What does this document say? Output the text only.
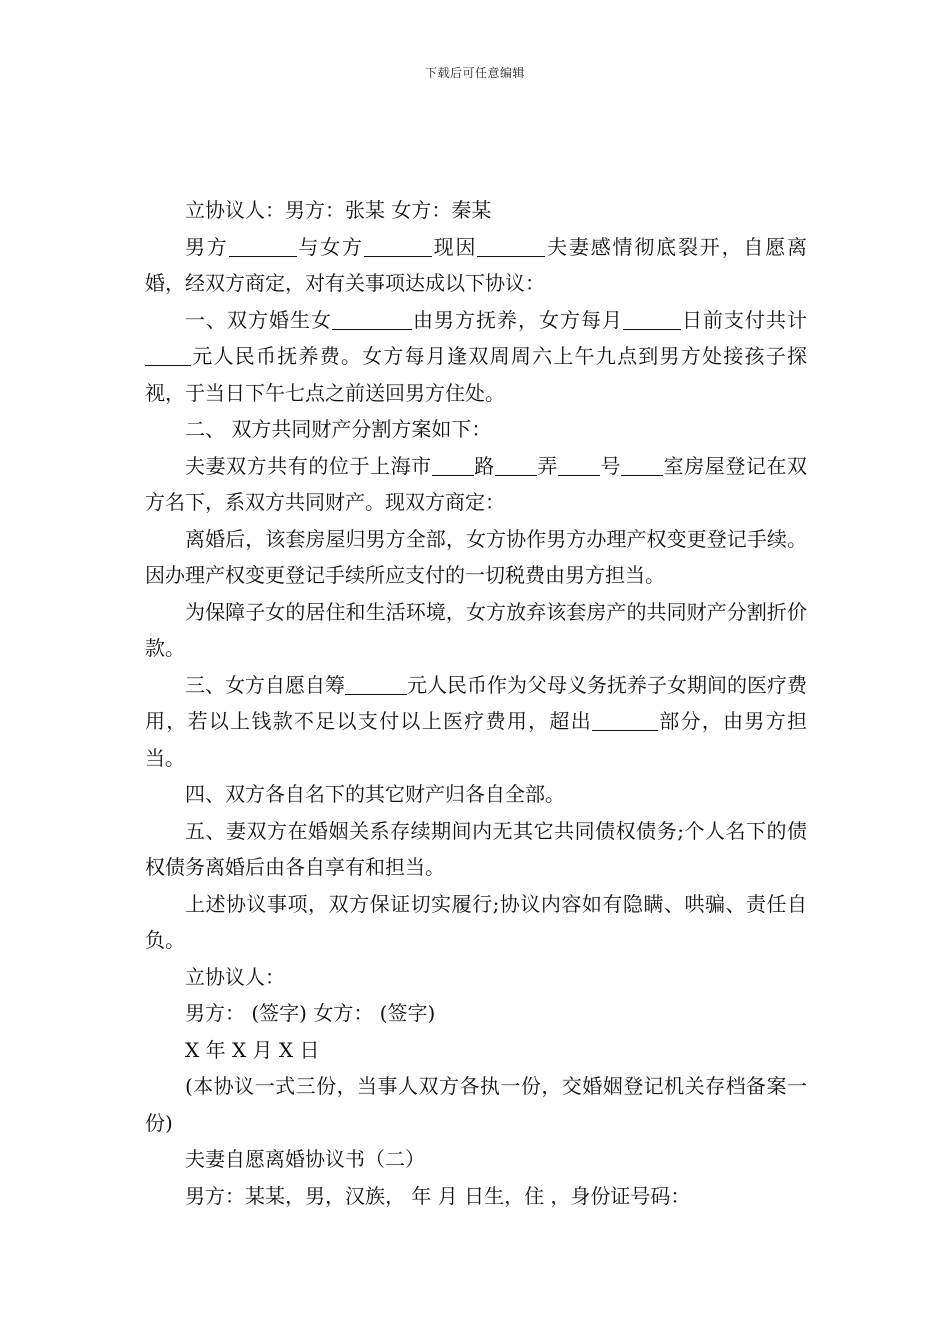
下载后可任意编辑

立协议人：男方：张某 女方：秦某

男方	与女方	现因	夫妻感情彻底裂开，自愿离婚，经双方商定，对有关事项达成以下协议：

一、双方婚生女	由男方抚养，女方每月	日前支付共计元人民币抚养费。女方每月逢双周周六上午九点到男方处接孩子探视，于当日下午七点之前送回男方住处。

二、 双方共同财产分割方案如下：

夫妻双方共有的位于上海市 路 弄 号 室房屋登记在双方名下，系双方共同财产。现双方商定：

离婚后，该套房屋归男方全部，女方协作男方办理产权变更登记手续。因办理产权变更登记手续所应支付的一切税费由男方担当。

为保障子女的居住和生活环境，女方放弃该套房产的共同财产分割折价款。

三、女方自愿自筹	元人民币作为父母义务抚养子女期间的医疗费用，若以上钱款不足以支付以上医疗费用，超出	部分，由男方担当。

四、双方各自名下的其它财产归各自全部。

五、妻双方在婚姻关系存续期间内无其它共同债权债务;个人名下的债权债务离婚后由各自享有和担当。

上述协议事项，双方保证切实履行;协议内容如有隐瞒、哄骗、责任自负。

立协议人：

男方： (签字) 女方： (签字)

X 年 X 月 X 日

(本协议一式三份，当事人双方各执一份，交婚姻登记机关存档备案一份)

夫妻自愿离婚协议书（二）

男方：某某，男，汉族， 年 月 日生，住 ，身份证号码：
